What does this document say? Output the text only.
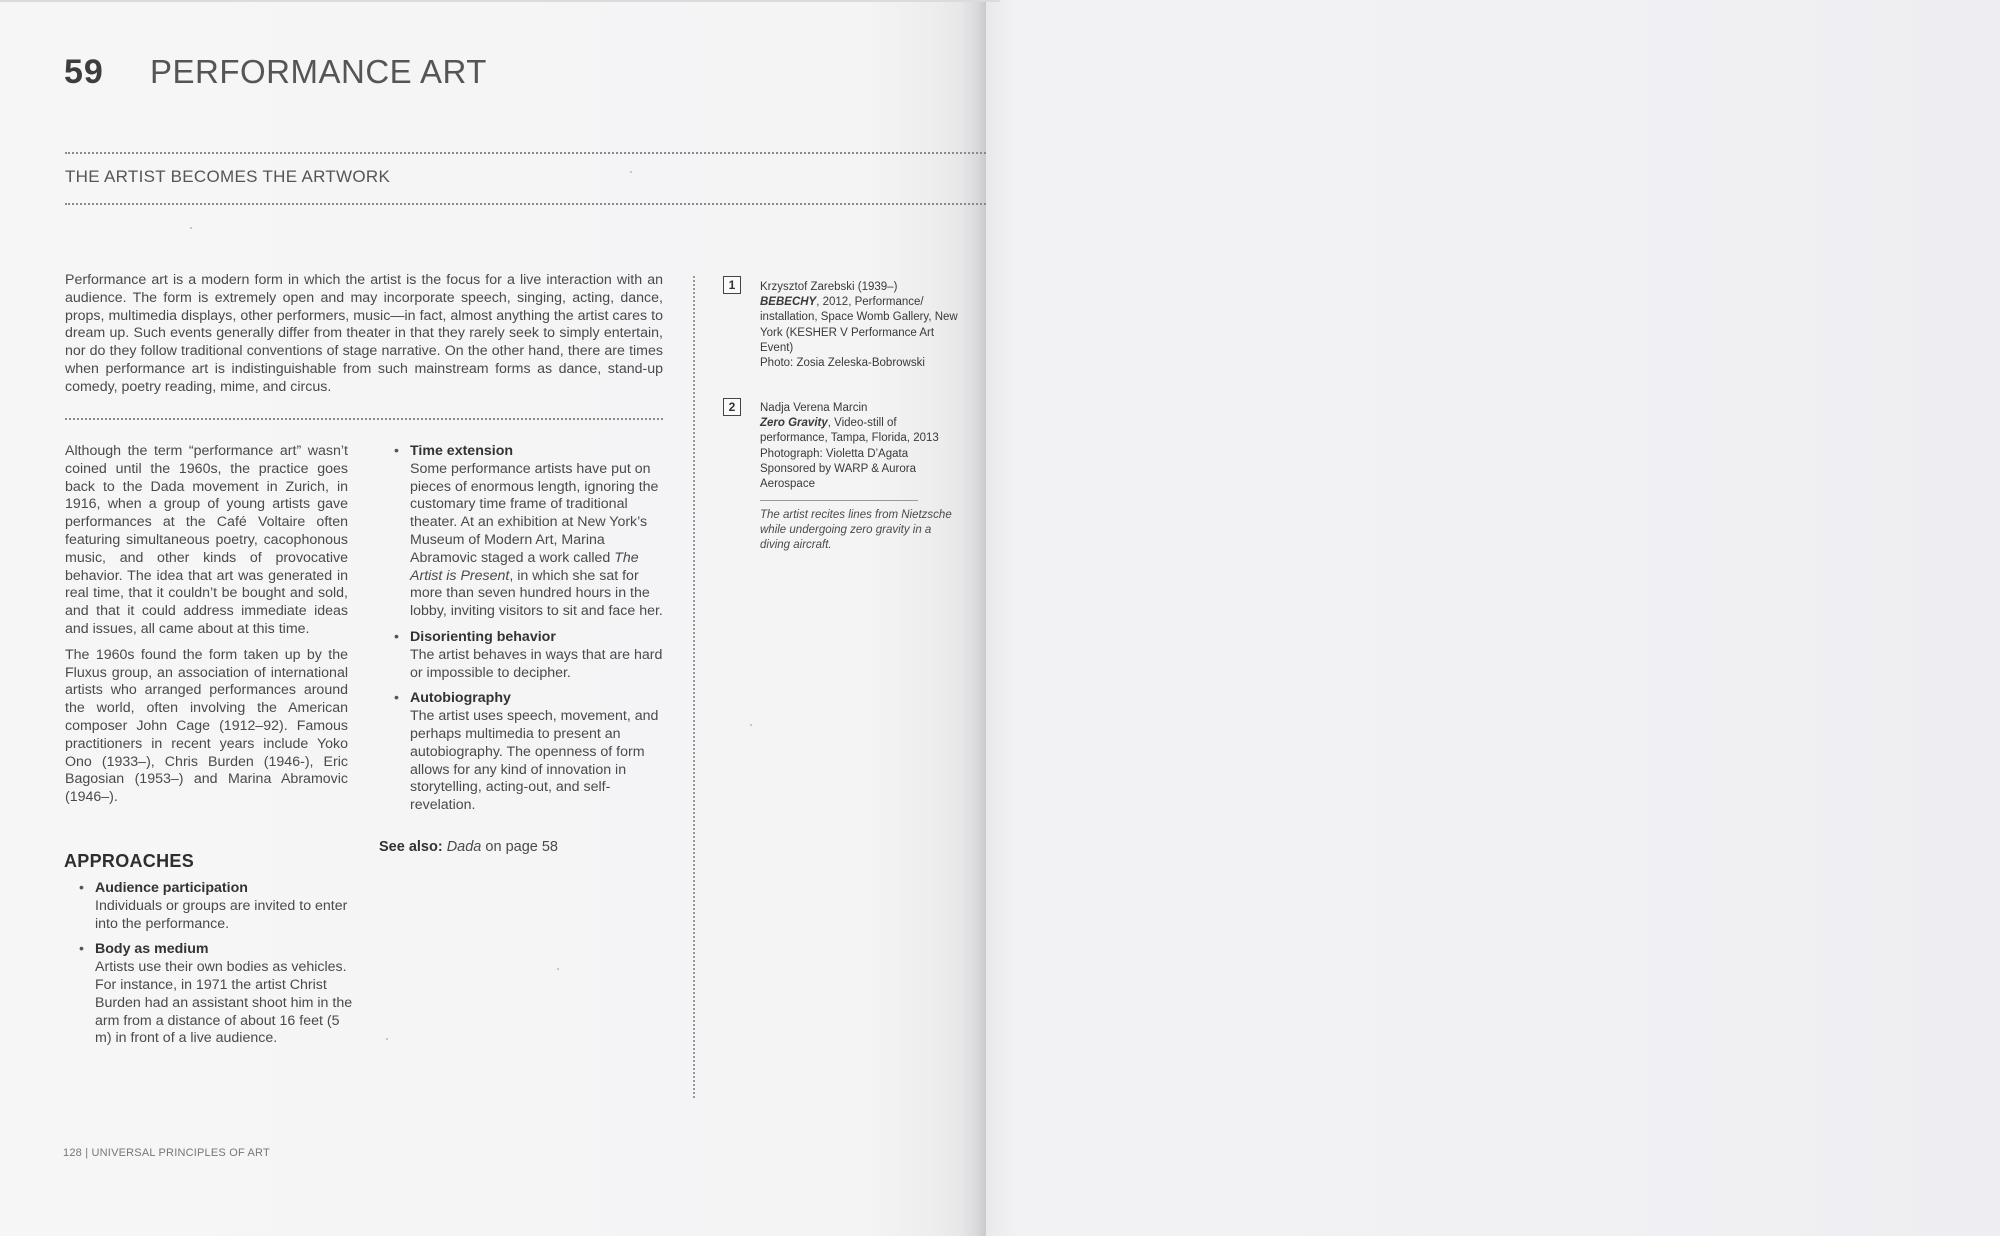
59 PERFORMANCE ART
THE ARTIST BECOMES THE ARTWORK
Performance art is a modern form in which the artist is the focus for a live interaction with an audience. The form is extremely open and may incorporate speech, singing, acting, dance, props, multimedia displays, other performers, music—in fact, almost anything the artist cares to dream up. Such events generally differ from theater in that they rarely seek to simply entertain, nor do they follow traditional conventions of stage narrative. On the other hand, there are times when performance art is indistinguishable from such mainstream forms as dance, stand-up comedy, poetry reading, mime, and circus.

Although the term “performance art” wasn’t coined until the 1960s, the practice goes back to the Dada movement in Zurich, in 1916, when a group of young artists gave performances at the Café Voltaire often featuring simultaneous poetry, cacophonous music, and other kinds of provocative behavior. The idea that art was generated in real time, that it couldn’t be bought and sold, and that it could address immediate ideas and issues, all came about at this time.

The 1960s found the form taken up by the Fluxus group, an association of international artists who arranged performances around the world, often involving the American composer John Cage (1912–92). Famous practitioners in recent years include Yoko Ono (1933–), Chris Burden (1946-), Eric Bagosian (1953–) and Marina Abramovic (1946–).

APPROACHES
• Audience participation
Individuals or groups are invited to enter into the performance.
• Body as medium
Artists use their own bodies as vehicles. For instance, in 1971 the artist Christ Burden had an assistant shoot him in the arm from a distance of about 16 feet (5 m) in front of a live audience.
• Time extension
Some performance artists have put on pieces of enormous length, ignoring the customary time frame of traditional theater. At an exhibition at New York’s Museum of Modern Art, Marina Abramovic staged a work called The Artist is Present, in which she sat for more than seven hundred hours in the lobby, inviting visitors to sit and face her.
• Disorienting behavior
The artist behaves in ways that are hard or impossible to decipher.
• Autobiography
The artist uses speech, movement, and perhaps multimedia to present an autobiography. The openness of form allows for any kind of innovation in storytelling, acting-out, and self-revelation.
See also: Dada on page 58
1	Krzysztof Zarebski (1939–)
BEBECHY, 2012, Performance/ installation, Space Womb Gallery, New York (KESHER V Performance Art Event)
Photo: Zosia Zeleska-Bobrowski
2	Nadja Verena Marcin
Zero Gravity, Video-still of performance, Tampa, Florida, 2013
Photograph: Violetta D’Agata
Sponsored by WARP & Aurora Aerospace
The artist recites lines from Nietzsche while undergoing zero gravity in a diving aircraft.
128 | UNIVERSAL PRINCIPLES OF ART
